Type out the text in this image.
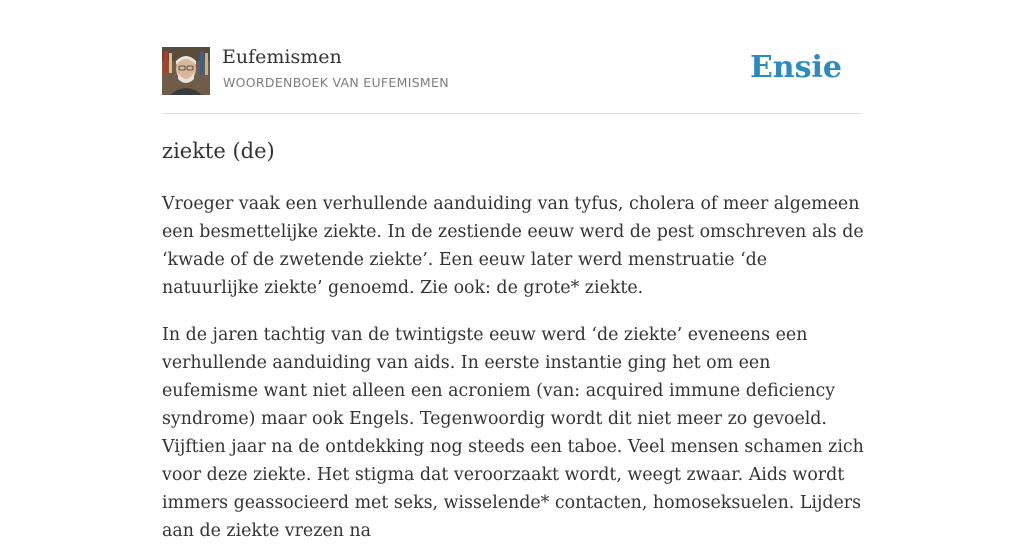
Eufemismen
WOORDENBOEK VAN EUFEMISMEN	Ensie
ziekte (de)

Vroeger vaak een verhullende aanduiding van tyfus, cholera of meer algemeen een besmettelijke ziekte. In de zestiende eeuw werd de pest omschreven als de ‘kwade of de zwetende ziekte’. Een eeuw later werd menstruatie ‘de natuurlijke ziekte’ genoemd. Zie ook: de grote* ziekte.

In de jaren tachtig van de twintigste eeuw werd ‘de ziekte’ eveneens een verhullende aanduiding van aids. In eerste instantie ging het om een eufemisme want niet alleen een acroniem (van: acquired immune deficiency syndrome) maar ook Engels. Tegenwoordig wordt dit niet meer zo gevoeld. Vijftien jaar na de ontdekking nog steeds een taboe. Veel mensen schamen zich voor deze ziekte. Het stigma dat veroorzaakt wordt, weegt zwaar. Aids wordt immers geassocieerd met seks, wisselende* contacten, homoseksuelen. Lijders aan de ziekte vrezen na
